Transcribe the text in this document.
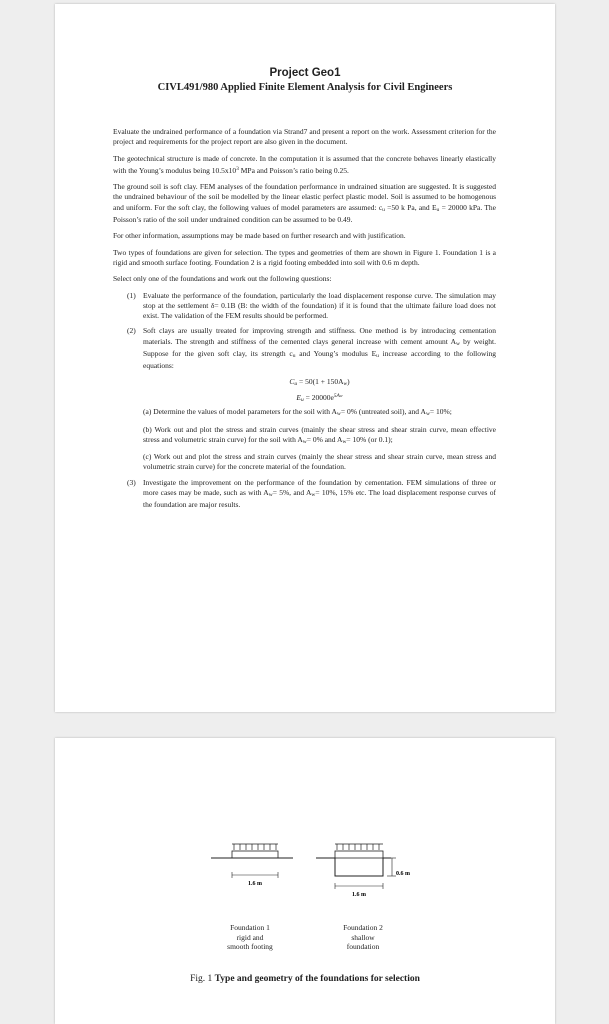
Project Geo1
CIVL491/980 Applied Finite Element Analysis for Civil Engineers

Evaluate the undrained performance of a foundation via Strand7 and present a report on the work. Assessment criterion for the project and requirements for the project report are also given in the document.

The geotechnical structure is made of concrete. In the computation it is assumed that the concrete behaves linearly elastically with the Young’s modulus being $10.5x10^3$ MPa and Poisson’s ratio being 0.25.

The ground soil is soft clay. FEM analyses of the foundation performance in undrained situation are suggested. It is suggested the undrained behaviour of the soil be modelled by the linear elastic perfect plastic model. Soil is assumed to be homogenous and uniform. For the soft clay, the following values of model parameters are assumed: cu =50 k Pa, and Eu = 20000 kPa. The Poisson’s ratio of the soil under undrained condition can be assumed to be 0.49.

For other information, assumptions may be made based on further research and with justification.

Two types of foundations are given for selection. The types and geometries of them are shown in Figure 1. Foundation 1 is a rigid and smooth surface footing. Foundation 2 is a rigid footing embedded into soil with 0.6 m depth.

Select only one of the foundations and work out the following questions:

(1) Evaluate the performance of the foundation, particularly the load displacement response curve. The simulation may stop at the settlement δ= 0.1B (B: the width of the foundation) if it is found that the ultimate failure load does not exist. The validation of the FEM results should be performed.

(2) Soft clays are usually treated for improving strength and stiffness. One method is by introducing cementation materials. The strength and stiffness of the cemented clays general increase with cement amount Aw by weight. Suppose for the given soft clay, its strength cu and Young’s modulus Eu increase according to the following equations:

Cu = 50(1 + 150Aw)
$Eu = 20000e^{5Aw}$

(a) Determine the values of model parameters for the soil with Aw= 0% (untreated soil), and Aw= 10%;

(b) Work out and plot the stress and strain curves (mainly the shear stress and shear strain curve, mean effective stress and volumetric strain curve) for the soil with Aw= 0% and Aw= 10% (or 0.1);

(c) Work out and plot the stress and strain curves (mainly the shear stress and shear strain curve, mean stress and volumetric strain curve) for the concrete material of the foundation.

(3) Investigate the improvement on the performance of the foundation by cementation. FEM simulations of three or more cases may be made, such as with Aw= 5%, and Aw= 10%, 15% etc. The load displacement response curves of the foundation are major results.

1.6 m
0.6 m
1.6 m
Foundation 1
rigid and
smooth footing
Foundation 2
shallow
foundation
Fig. 1 Type and geometry of the foundations for selection
